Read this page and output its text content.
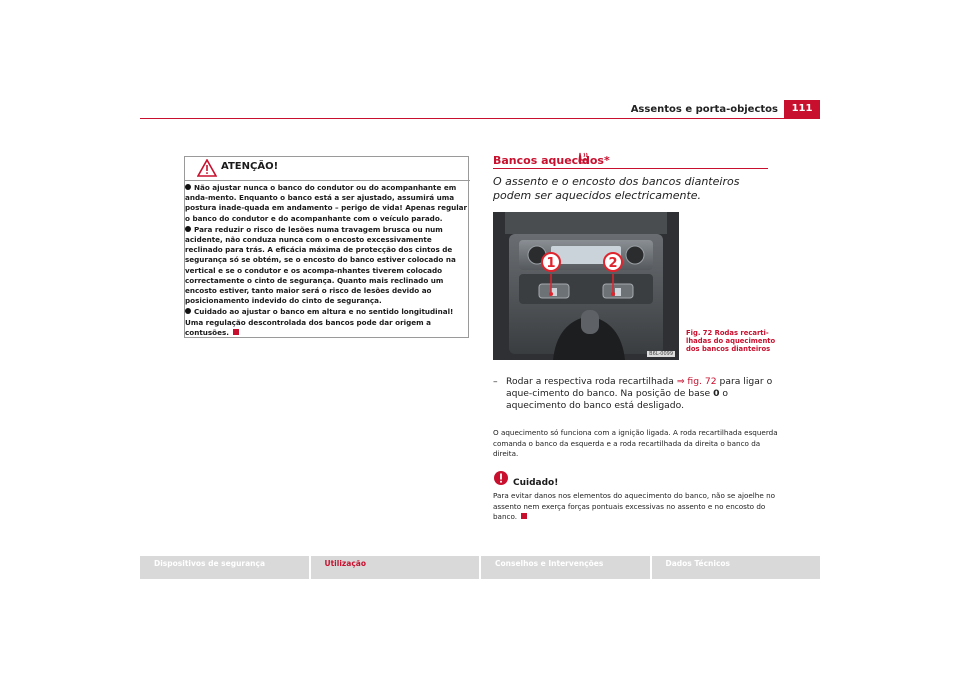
Assentos e porta-objectos	111
ATENÇÃO!

Não ajustar nunca o banco do condutor ou do acompanhante em anda-mento. Enquanto o banco está a ser ajustado, assumirá uma postura inade-quada em andamento – perigo de vida! Apenas regular o banco do condutor e do acompanhante com o veículo parado.

Para reduzir o risco de lesões numa travagem brusca ou num acidente, não conduza nunca com o encosto excessivamente reclinado para trás. A eficácia máxima de protecção dos cintos de segurança só se obtém, se o encosto do banco estiver colocado na vertical e se o condutor e os acompa-nhantes tiverem colocado correctamente o cinto de segurança. Quanto mais reclinado um encosto estiver, tanto maior será o risco de lesões devido ao posicionamento indevido do cinto de segurança.

Cuidado ao ajustar o banco em altura e no sentido longitudinal! Uma regulação descontrolada dos bancos pode dar origem a contusões.

Bancos aquecidos*
O assento e o encosto dos bancos dianteiros podem ser aquecidos electricamente.
1	2
B6L-0099
Fig. 72 Rodas recarti-lhadas do aquecimento dos bancos dianteiros
– Rodar a respectiva roda recartilhada ⇒ fig. 72 para ligar o aque-cimento do banco. Na posição de base 0 o aquecimento do banco está desligado.
O aquecimento só funciona com a ignição ligada. A roda recartilhada esquerda comanda o banco da esquerda e a roda recartilhada da direita o banco da direita.
Cuidado!
Para evitar danos nos elementos do aquecimento do banco, não se ajoelhe no assento nem exerça forças pontuais excessivas no assento e no encosto do banco.
Dispositivos de segurança	Utilização	Conselhos e Intervenções	Dados Técnicos
